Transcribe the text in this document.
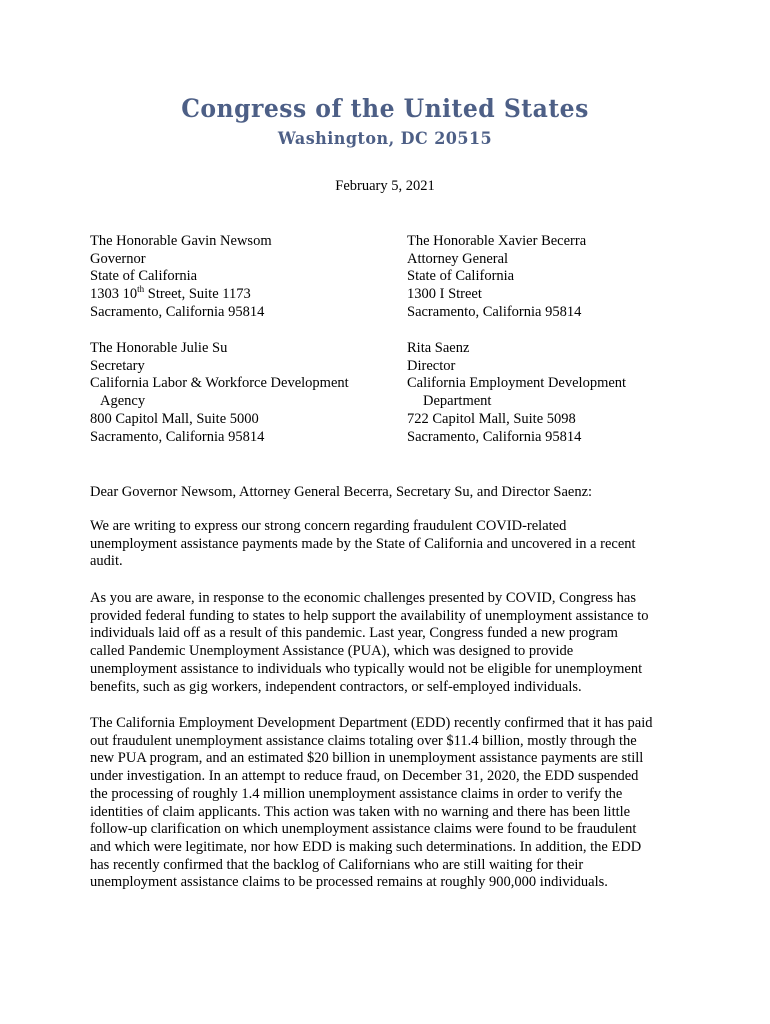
Congress of the United States
Washington, DC 20515
February 5, 2021
The Honorable Gavin Newsom
Governor
State of California
1303 10th Street, Suite 1173
Sacramento, California 95814
The Honorable Xavier Becerra
Attorney General
State of California
1300 I Street
Sacramento, California 95814
The Honorable Julie Su
Secretary
California Labor & Workforce Development
Agency
800 Capitol Mall, Suite 5000
Sacramento, California 95814
Rita Saenz
Director
California Employment Development
Department
722 Capitol Mall, Suite 5098
Sacramento, California 95814
Dear Governor Newsom, Attorney General Becerra, Secretary Su, and Director Saenz:

We are writing to express our strong concern regarding fraudulent COVID-related
unemployment assistance payments made by the State of California and uncovered in a recent
audit.

As you are aware, in response to the economic challenges presented by COVID, Congress has
provided federal funding to states to help support the availability of unemployment assistance to
individuals laid off as a result of this pandemic. Last year, Congress funded a new program
called Pandemic Unemployment Assistance (PUA), which was designed to provide
unemployment assistance to individuals who typically would not be eligible for unemployment
benefits, such as gig workers, independent contractors, or self-employed individuals.

The California Employment Development Department (EDD) recently confirmed that it has paid
out fraudulent unemployment assistance claims totaling over $11.4 billion, mostly through the
new PUA program, and an estimated $20 billion in unemployment assistance payments are still
under investigation. In an attempt to reduce fraud, on December 31, 2020, the EDD suspended
the processing of roughly 1.4 million unemployment assistance claims in order to verify the
identities of claim applicants. This action was taken with no warning and there has been little
follow-up clarification on which unemployment assistance claims were found to be fraudulent
and which were legitimate, nor how EDD is making such determinations. In addition, the EDD
has recently confirmed that the backlog of Californians who are still waiting for their
unemployment assistance claims to be processed remains at roughly 900,000 individuals.
